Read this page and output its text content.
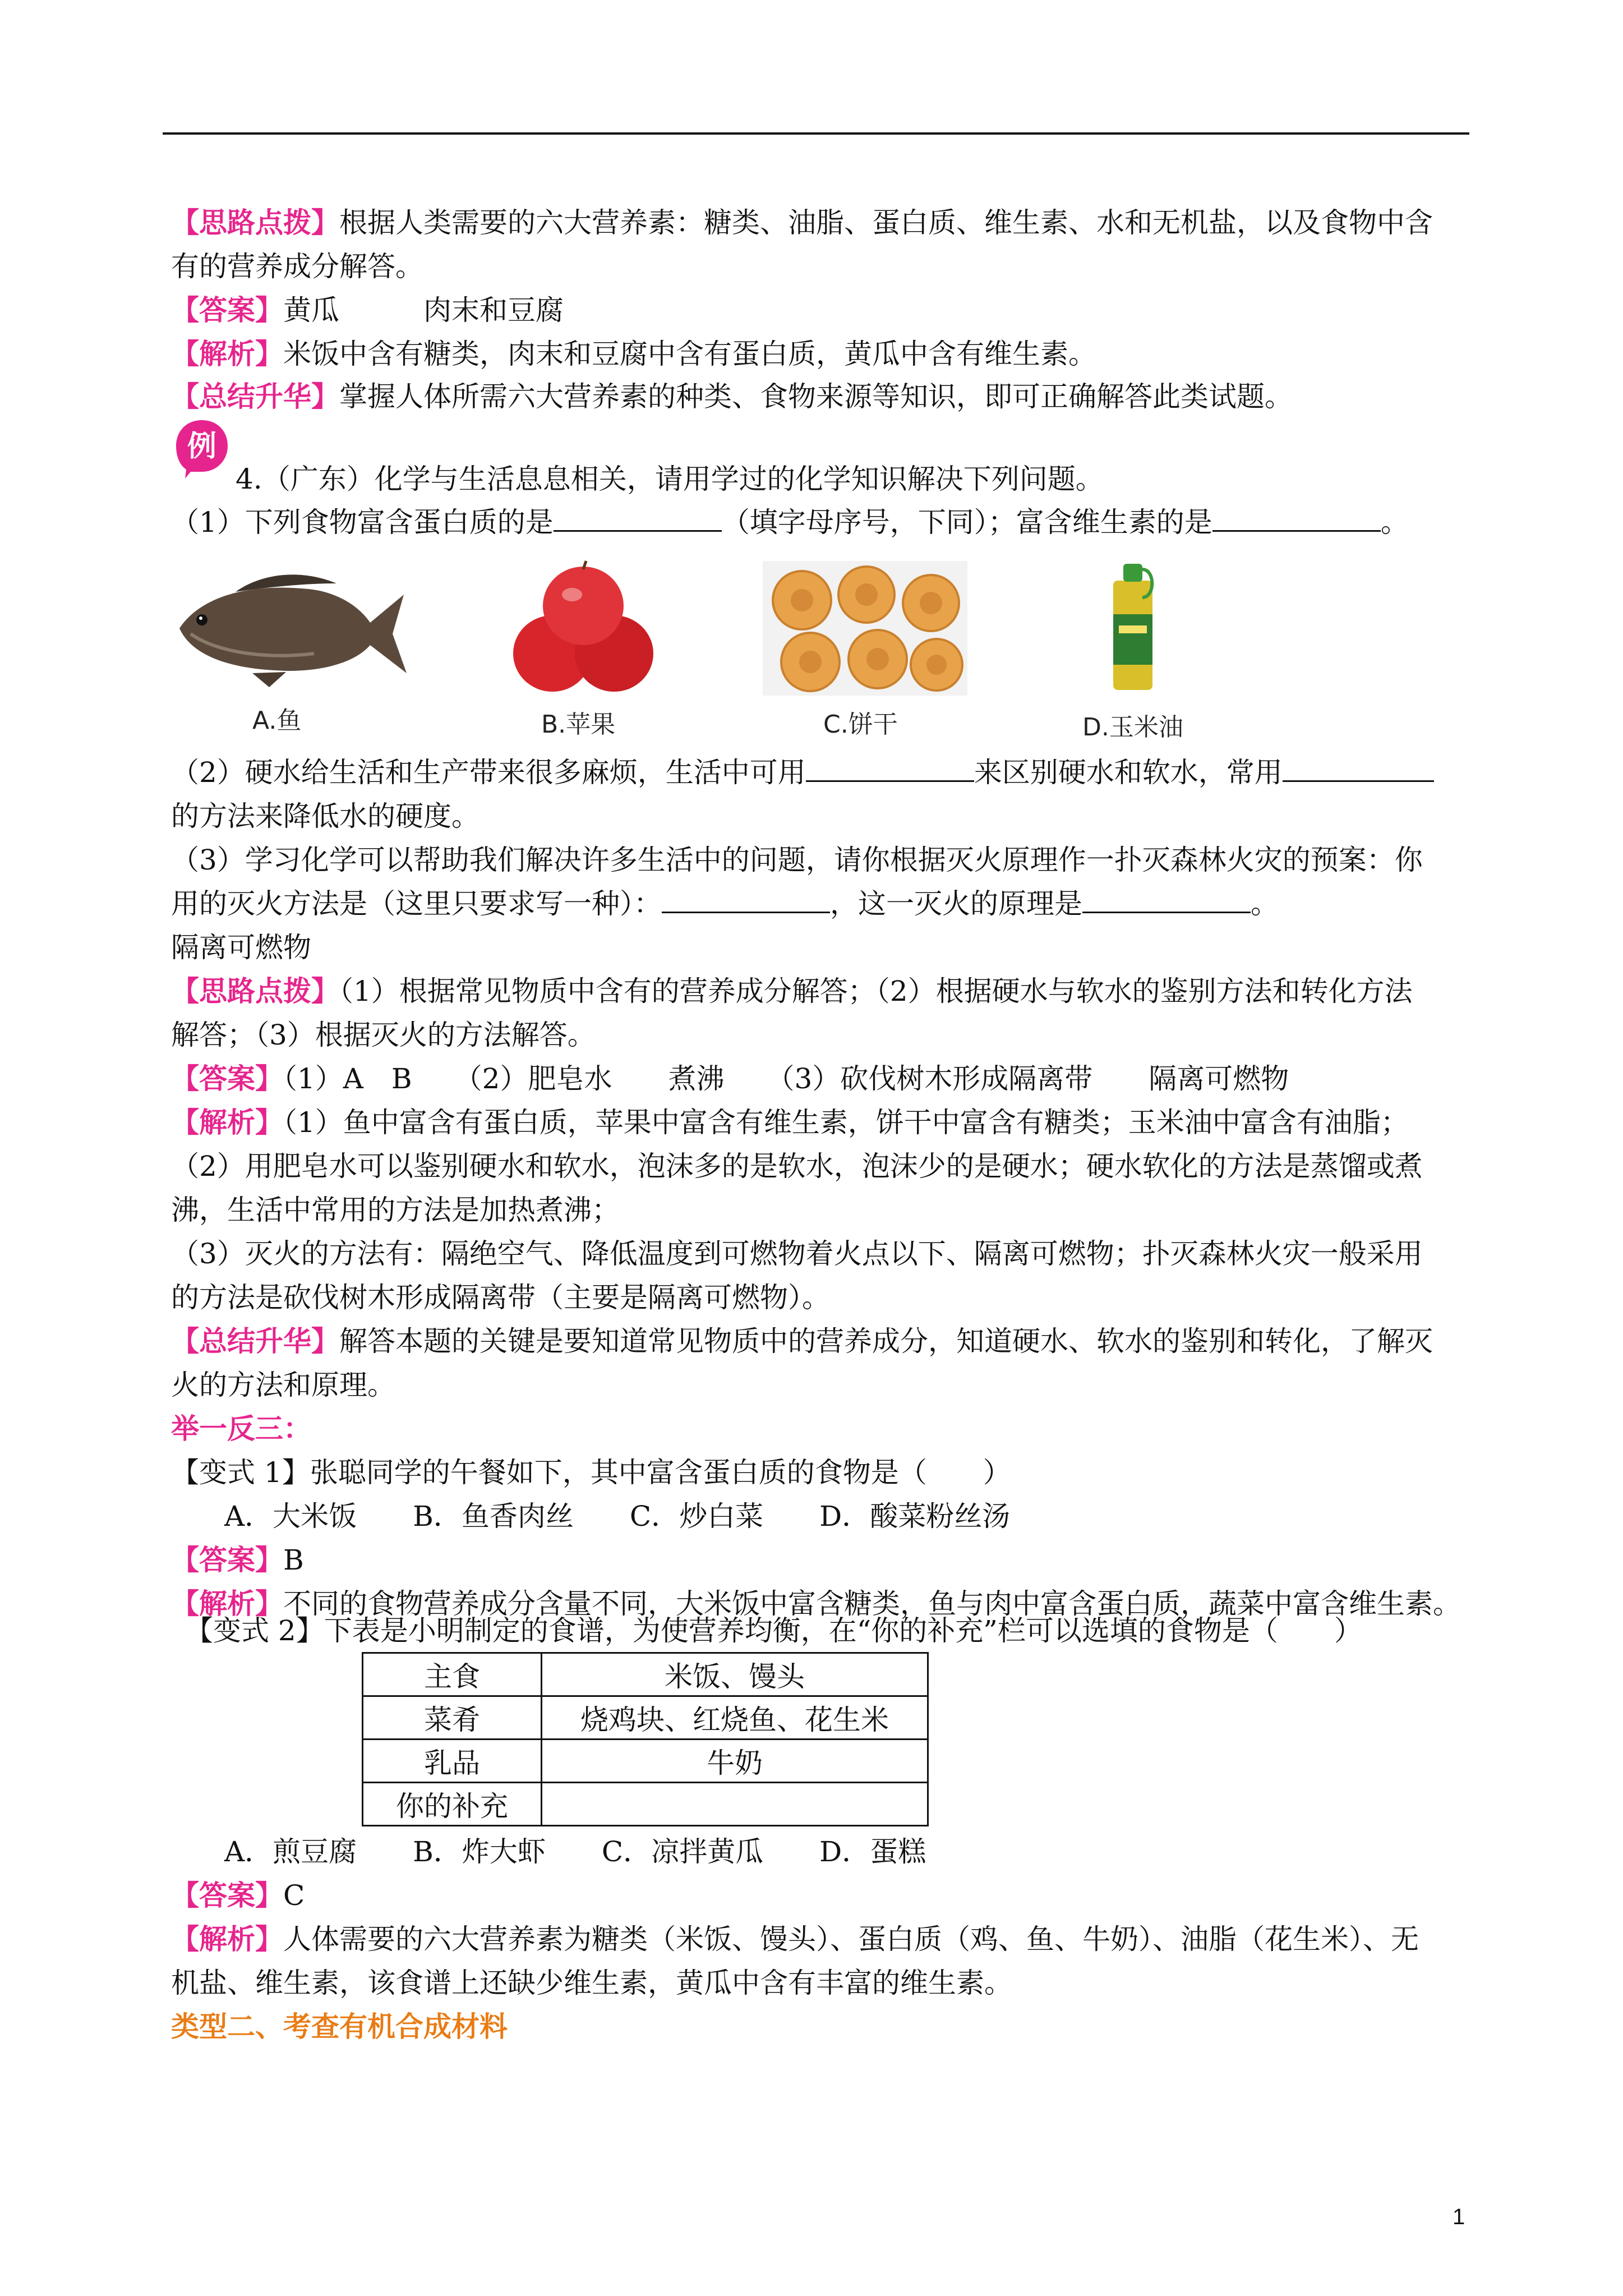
【思路点拨】根据人类需要的六大营养素：糖类、油脂、蛋白质、维生素、水和无机盐，以及食物中含
有的营养成分解答。
【答案】黄瓜　　　肉末和豆腐
【解析】米饭中含有糖类，肉末和豆腐中含有蛋白质，黄瓜中含有维生素。
【总结升华】掌握人体所需六大营养素的种类、食物来源等知识，即可正确解答此类试题。
例
4.（广东）化学与生活息息相关，请用学过的化学知识解决下列问题。
（1）下列食物富含蛋白质的是	（填字母序号，下同）；富含维生素的是	。
A.鱼	B.苹果	C.饼干	D.玉米油
（2）硬水给生活和生产带来很多麻烦，生活中可用	来区别硬水和软水，常用
的方法来降低水的硬度。
（3）学习化学可以帮助我们解决许多生活中的问题，请你根据灭火原理作一扑灭森林火灾的预案：你
用的灭火方法是（这里只要求写一种）：	，这一灭火的原理是	。
隔离可燃物
【思路点拨】（1）根据常见物质中含有的营养成分解答；（2）根据硬水与软水的鉴别方法和转化方法
解答；（3）根据灭火的方法解答。
【答案】（1）A　B　　（2）肥皂水　　煮沸　　（3）砍伐树木形成隔离带　　隔离可燃物
【解析】（1）鱼中富含有蛋白质，苹果中富含有维生素，饼干中富含有糖类；玉米油中富含有油脂；
（2）用肥皂水可以鉴别硬水和软水，泡沫多的是软水，泡沫少的是硬水；硬水软化的方法是蒸馏或煮
沸，生活中常用的方法是加热煮沸；
（3）灭火的方法有：隔绝空气、降低温度到可燃物着火点以下、隔离可燃物；扑灭森林火灾一般采用
的方法是砍伐树木形成隔离带（主要是隔离可燃物）。
【总结升华】解答本题的关键是要知道常见物质中的营养成分，知道硬水、软水的鉴别和转化，了解灭
火的方法和原理。
举一反三：
【变式 1】张聪同学的午餐如下，其中富含蛋白质的食物是（　　）
A．大米饭　　B．鱼香肉丝　　C．炒白菜　　D．酸菜粉丝汤
【答案】B
【解析】不同的食物营养成分含量不同，大米饭中富含糖类，鱼与肉中富含蛋白质，蔬菜中富含维生素。
【变式 2】下表是小明制定的食谱，为使营养均衡，在“你的补充”栏可以选填的食物是（　　）
主食	米饭、馒头
菜肴	烧鸡块、红烧鱼、花生米
乳品	牛奶
你的补充	
A．煎豆腐　　B．炸大虾　　C．凉拌黄瓜　　D．蛋糕
【答案】C
【解析】人体需要的六大营养素为糖类（米饭、馒头）、蛋白质（鸡、鱼、牛奶）、油脂（花生米）、无
机盐、维生素，该食谱上还缺少维生素，黄瓜中含有丰富的维生素。
类型二、考查有机合成材料
1
